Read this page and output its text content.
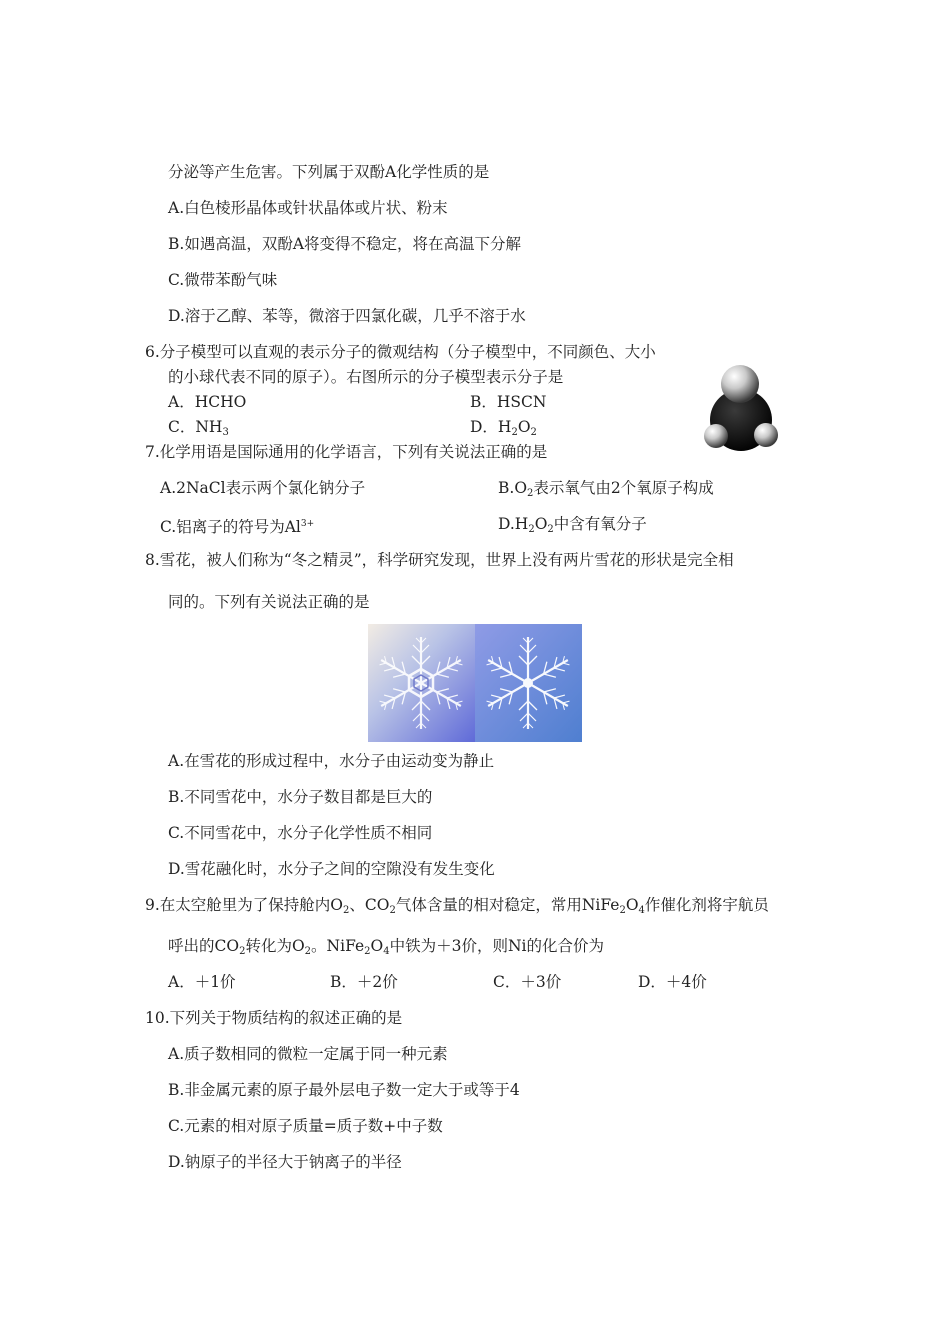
分泌等产生危害。下列属于双酚A化学性质的是
A.白色棱形晶体或针状晶体或片状、粉末
B.如遇高温，双酚A将变得不稳定，将在高温下分解
C.微带苯酚气味
D.溶于乙醇、苯等，微溶于四氯化碳，几乎不溶于水
6.分子模型可以直观的表示分子的微观结构（分子模型中，不同颜色、大小
的小球代表不同的原子）。右图所示的分子模型表示分子是
A．HCHO	B．HSCN
C．$NH_3$	D．$H_2O_2$
7.化学用语是国际通用的化学语言，下列有关说法正确的是
A.2NaCl表示两个氯化钠分子	$B.O_2$表示氧气由2个氧原子构成
C.铝离子的符号为$Al^{3+}$	$D.H_2O_2$中含有氧分子
8.雪花，被人们称为“冬之精灵”，科学研究发现，世界上没有两片雪花的形状是完全相
同的。下列有关说法正确的是
A.在雪花的形成过程中，水分子由运动变为静止
B.不同雪花中，水分子数目都是巨大的
C.不同雪花中，水分子化学性质不相同
D.雪花融化时，水分子之间的空隙没有发生变化
9.在太空舱里为了保持舱内$O_2$、$CO_2$气体含量的相对稳定，常用$NiFe_2O_4$作催化剂将宇航员
呼出的$CO_2$转化为$O_2$。$NiFe_2O_4$中铁为＋3价，则Ni的化合价为
A．＋1价	B．＋2价	C．＋3价	D．＋4价
10.下列关于物质结构的叙述正确的是
A.质子数相同的微粒一定属于同一种元素
B.非金属元素的原子最外层电子数一定大于或等于4
C.元素的相对原子质量=质子数+中子数
D.钠原子的半径大于钠离子的半径
